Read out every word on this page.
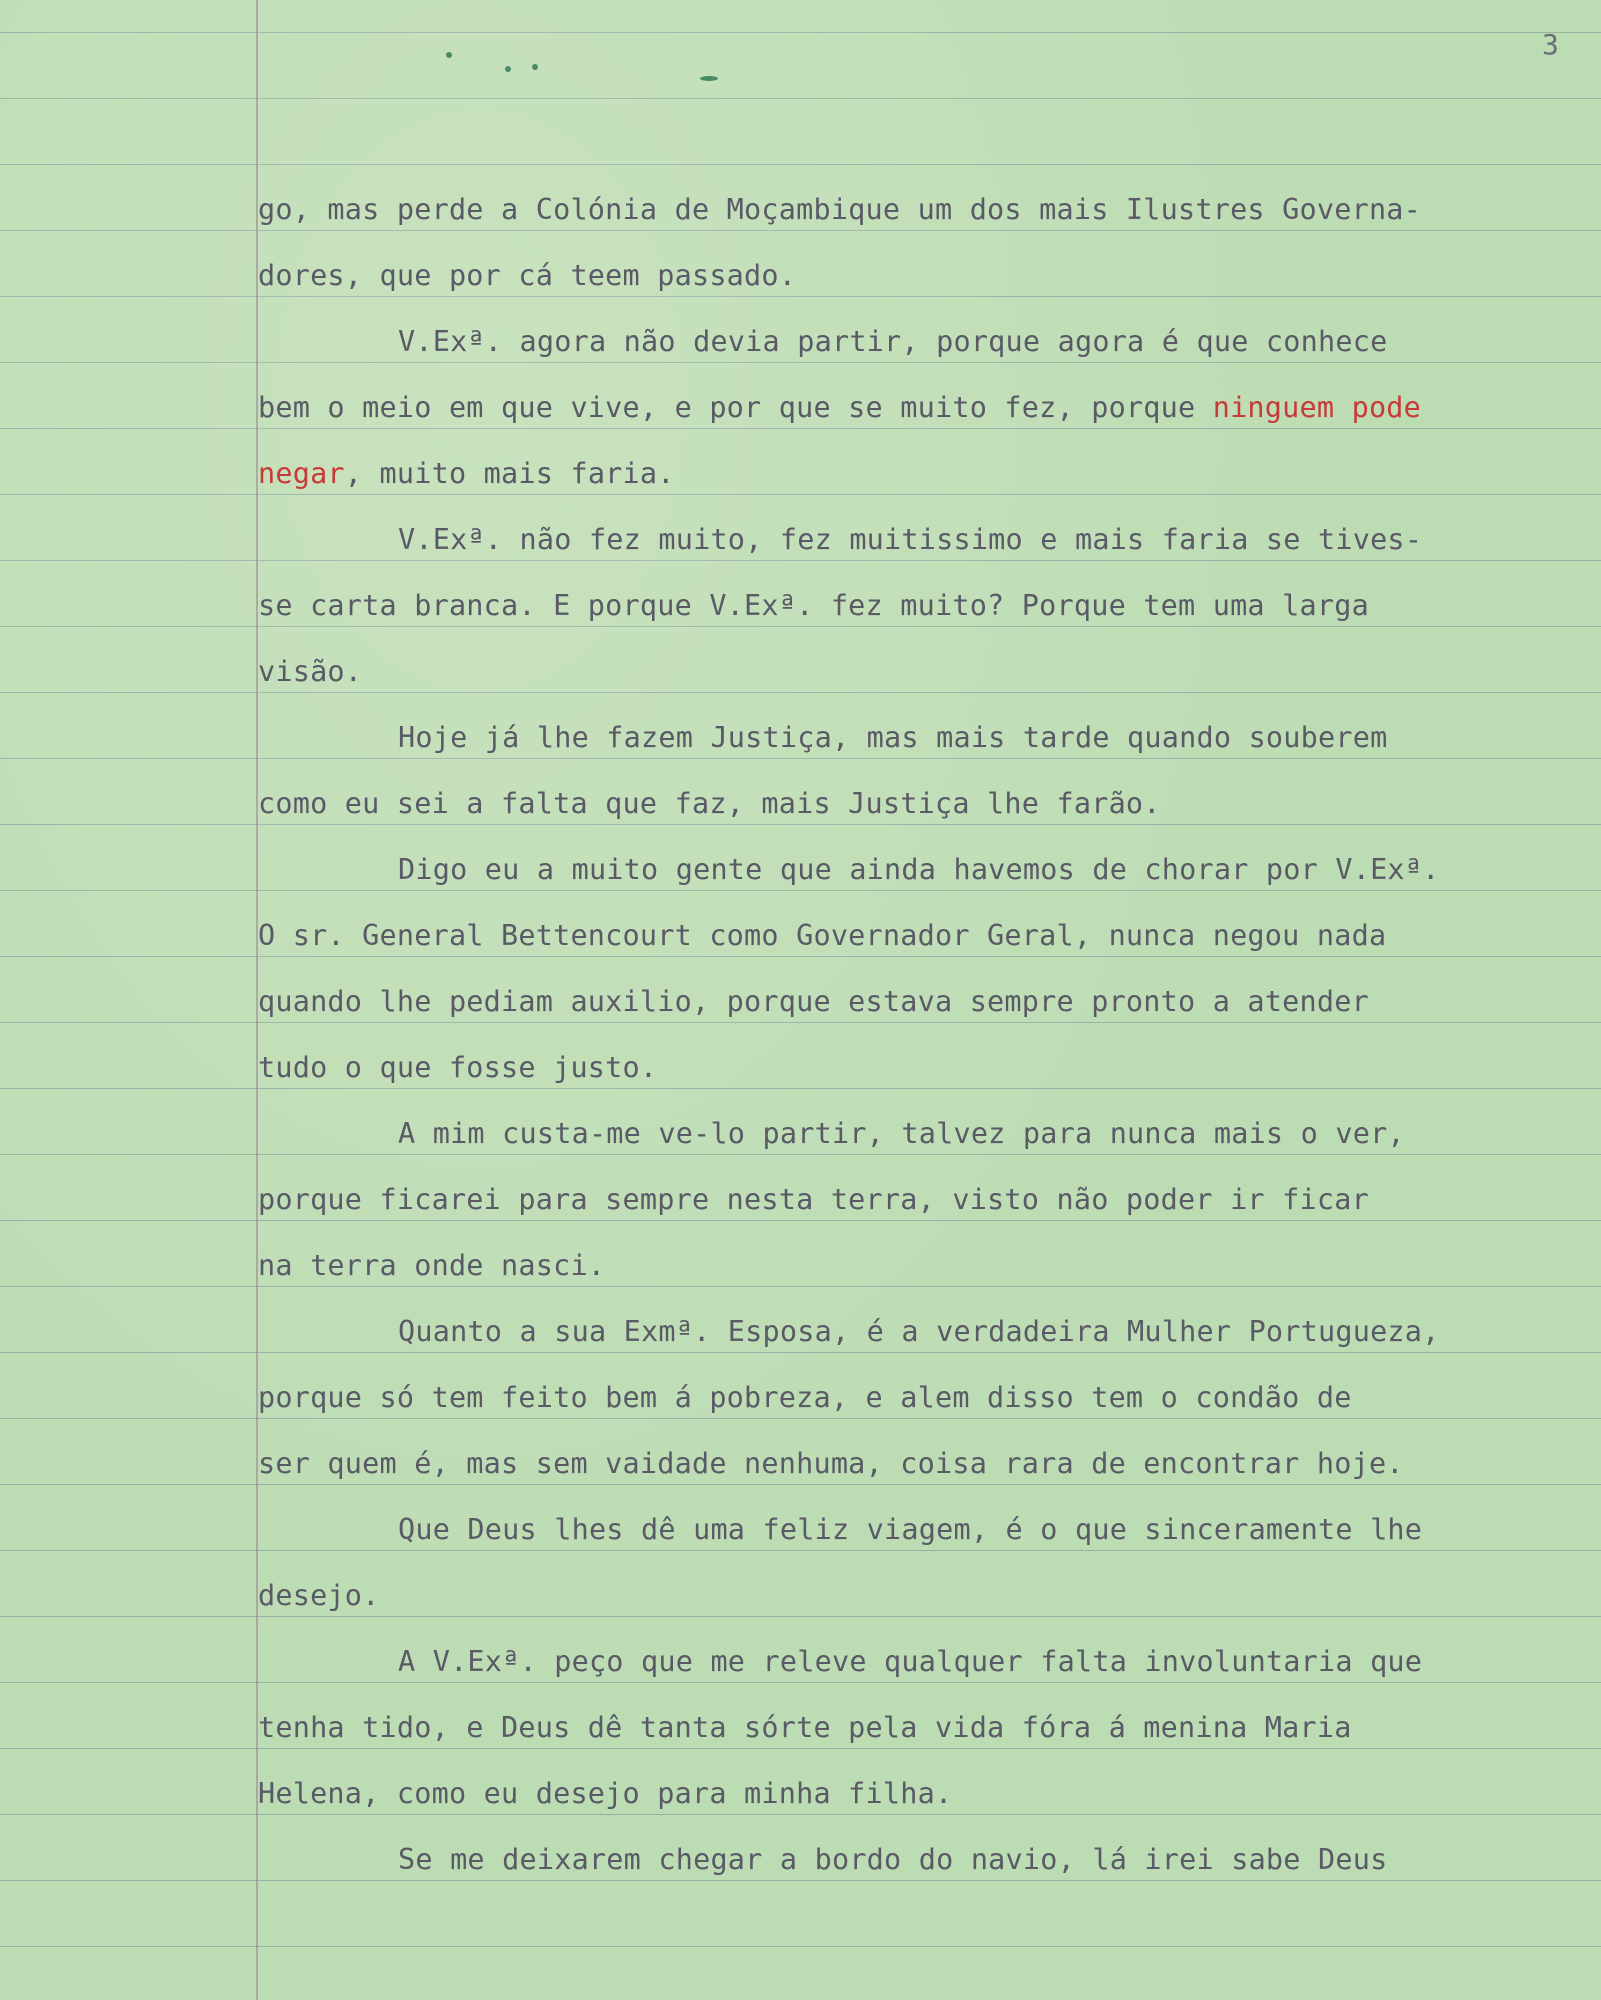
3
go, mas perde a Colónia de Moçambique um dos mais Ilustres Governa-
dores, que por cá teem passado.
V.Exª. agora não devia partir, porque agora é que conhece
bem o meio em que vive, e por que se muito fez, porque ninguem pode
negar, muito mais faria.
V.Exª. não fez muito, fez muitissimo e mais faria se tives-
se carta branca. E porque V.Exª. fez muito? Porque tem uma larga
visão.
Hoje já lhe fazem Justiça, mas mais tarde quando souberem
como eu sei a falta que faz, mais Justiça lhe farão.
Digo eu a muito gente que ainda havemos de chorar por V.Exª.
O sr. General Bettencourt como Governador Geral, nunca negou nada
quando lhe pediam auxilio, porque estava sempre pronto a atender
tudo o que fosse justo.
A mim custa-me ve-lo partir, talvez para nunca mais o ver,
porque ficarei para sempre nesta terra, visto não poder ir ficar
na terra onde nasci.
Quanto a sua Exmª. Esposa, é a verdadeira Mulher Portugueza,
porque só tem feito bem á pobreza, e alem disso tem o condão de
ser quem é, mas sem vaidade nenhuma, coisa rara de encontrar hoje.
Que Deus lhes dê uma feliz viagem, é o que sinceramente lhe
desejo.
A V.Exª. peço que me releve qualquer falta involuntaria que
tenha tido, e Deus dê tanta sórte pela vida fóra á menina Maria
Helena, como eu desejo para minha filha.
Se me deixarem chegar a bordo do navio, lá irei sabe Deus
